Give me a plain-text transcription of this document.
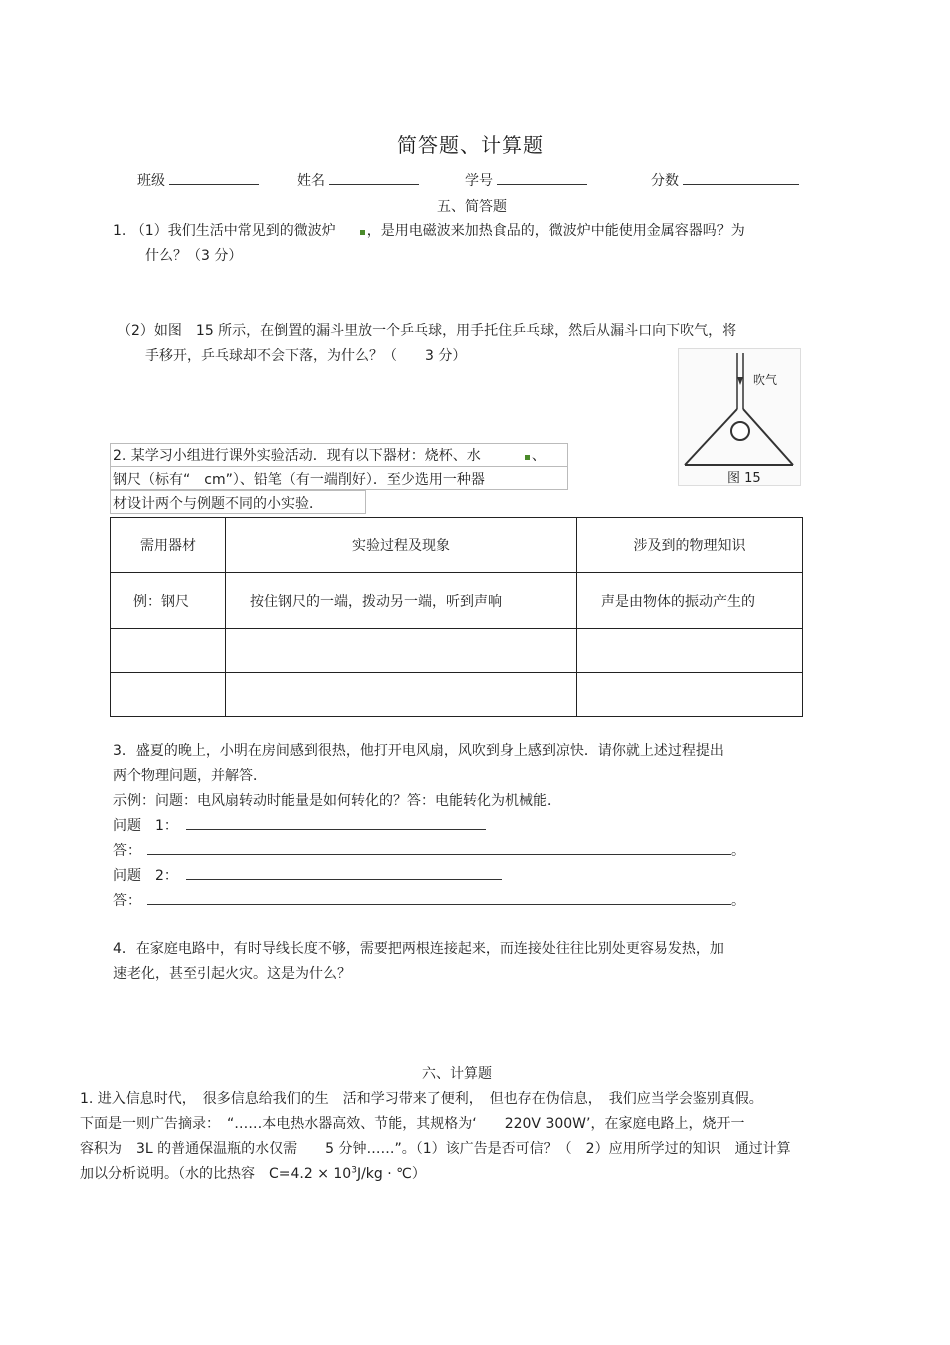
简答题、计算题
班级	姓名	学号	分数
五、简答题
1. （1）我们生活中常见到的微波炉 ，是用电磁波来加热食品的，微波炉中能使用金属容器吗？为
什么？（3 分）
（2）如图　15 所示，在倒置的漏斗里放一个乒乓球，用手托住乒乓球，然后从漏斗口向下吹气，将
手移开，乒乓球却不会下落，为什么？（　　3 分）
吹气
图 15
2. 某学习小组进行课外实验活动．现有以下器材：烧杯、水	、
钢尺（标有“　cm”）、铅笔（有一端削好）．至少选用一种器
材设计两个与例题不同的小实验．
需用器材	实验过程及现象	涉及到的物理知识
例：钢尺	按住钢尺的一端，拨动另一端，听到声响	声是由物体的振动产生的

3．盛夏的晚上，小明在房间感到很热，他打开电风扇，风吹到身上感到凉快．请你就上述过程提出
两个物理问题，并解答．
示例：问题：电风扇转动时能量是如何转化的？答：电能转化为机械能．
问题　1：
答：	。
问题　2：
答：	。
4．在家庭电路中，有时导线长度不够，需要把两根连接起来，而连接处往往比别处更容易发热，加
速老化，甚至引起火灾。这是为什么？
六、计算题
1. 进入信息时代，　很多信息给我们的生　活和学习带来了便利，　但也存在伪信息，　我们应当学会鉴别真假。
下面是一则广告摘录：　“……本电热水器高效、节能，其规格为‘　　220V 300W’，在家庭电路上，烧开一
容积为　3L 的普通保温瓶的水仅需　　5 分钟……”。（1）该广告是否可信？（　2）应用所学过的知识　通过计算
加以分析说明。（水的比热容　$C=4.2 \times 10^3J/kg$ · ℃）
